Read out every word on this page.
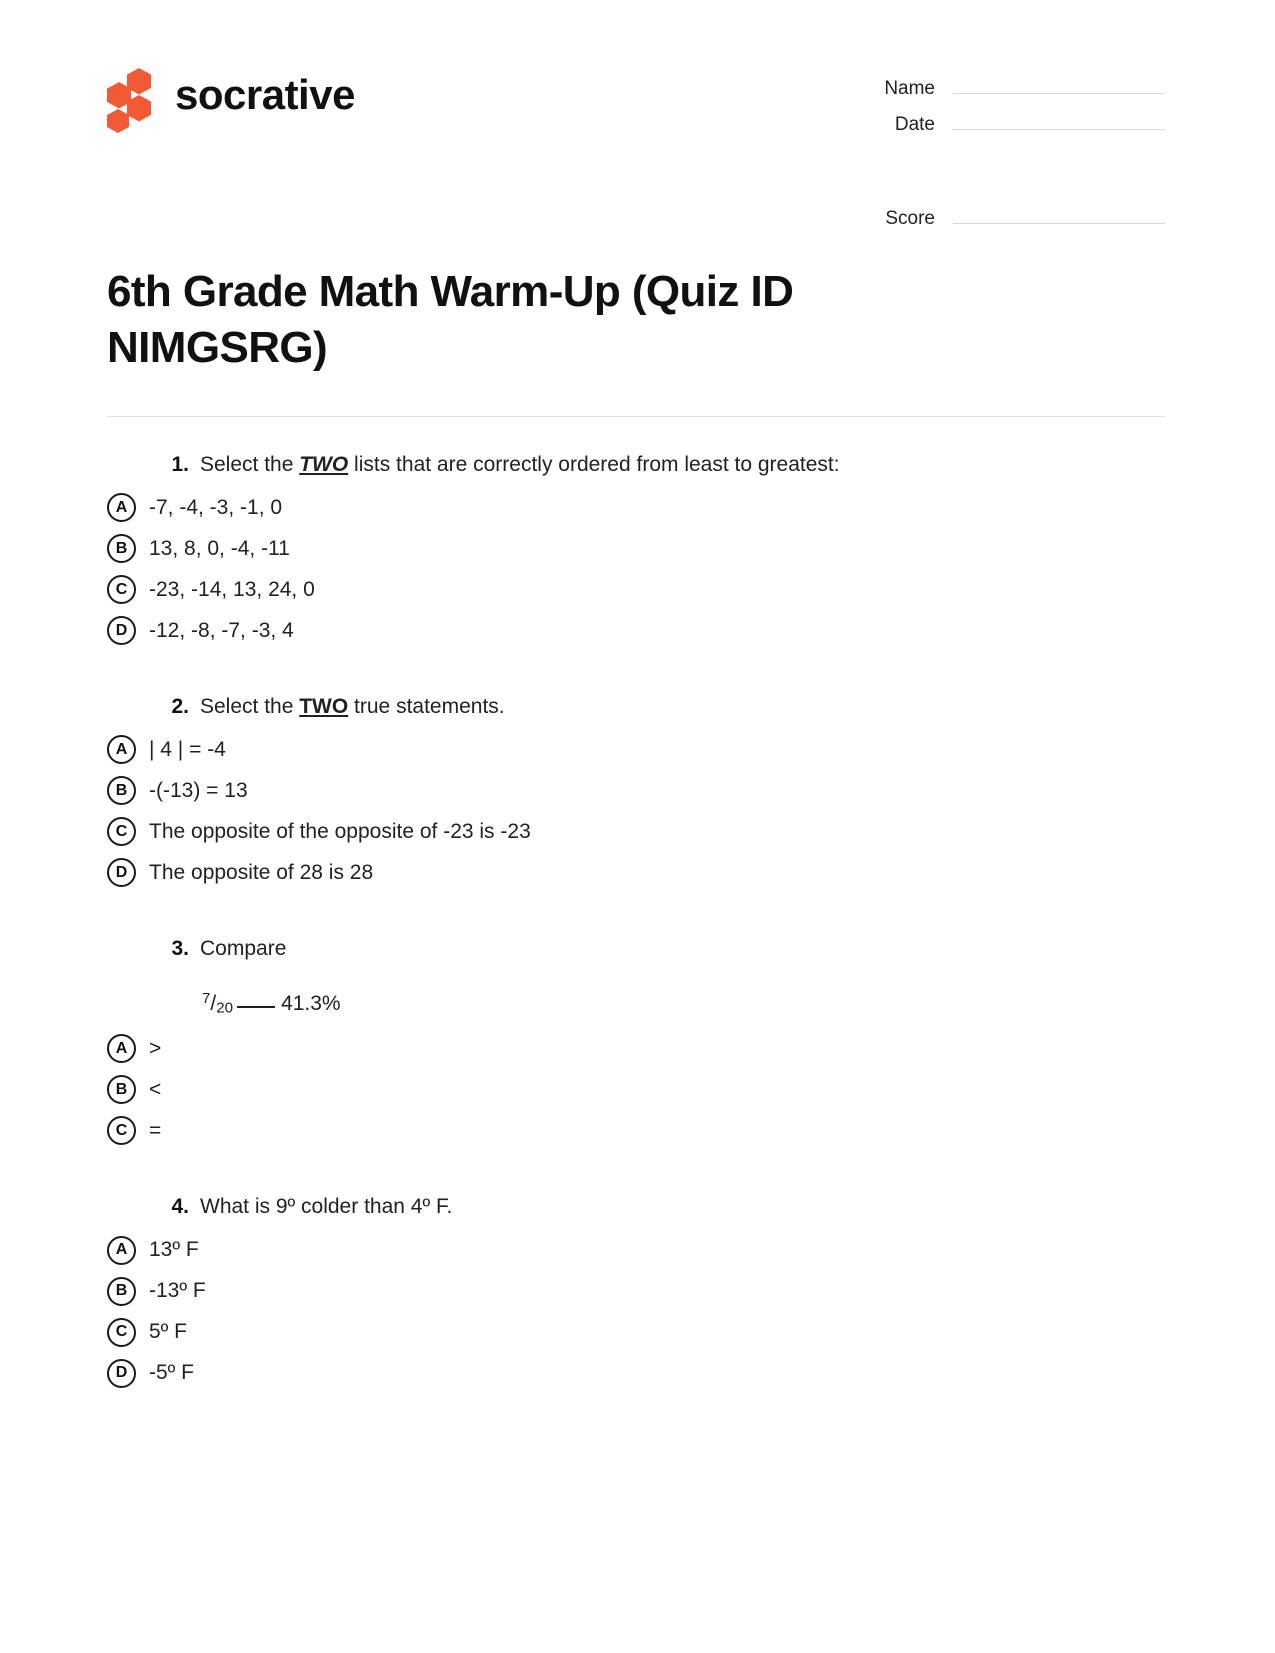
socrative	Name
Date
Score
6th Grade Math Warm-Up (Quiz ID NIMGSRG)
1. Select the TWO lists that are correctly ordered from least to greatest:
A	-7, -4, -3, -1, 0
B	13, 8, 0, -4, -11
C	-23, -14, 13, 24, 0
D	-12, -8, -7, -3, 4
2. Select the TWO true statements.
A	| 4 | = -4
B	-(-13) = 13
C	The opposite of the opposite of -23 is -23
D	The opposite of 28 is 28
3. Compare
$^7/_{20}$ 41.3%
A	>
B	<
C	=
4. What is 9º colder than 4º F.
A	13º F
B	-13º F
C	5º F
D	-5º F
